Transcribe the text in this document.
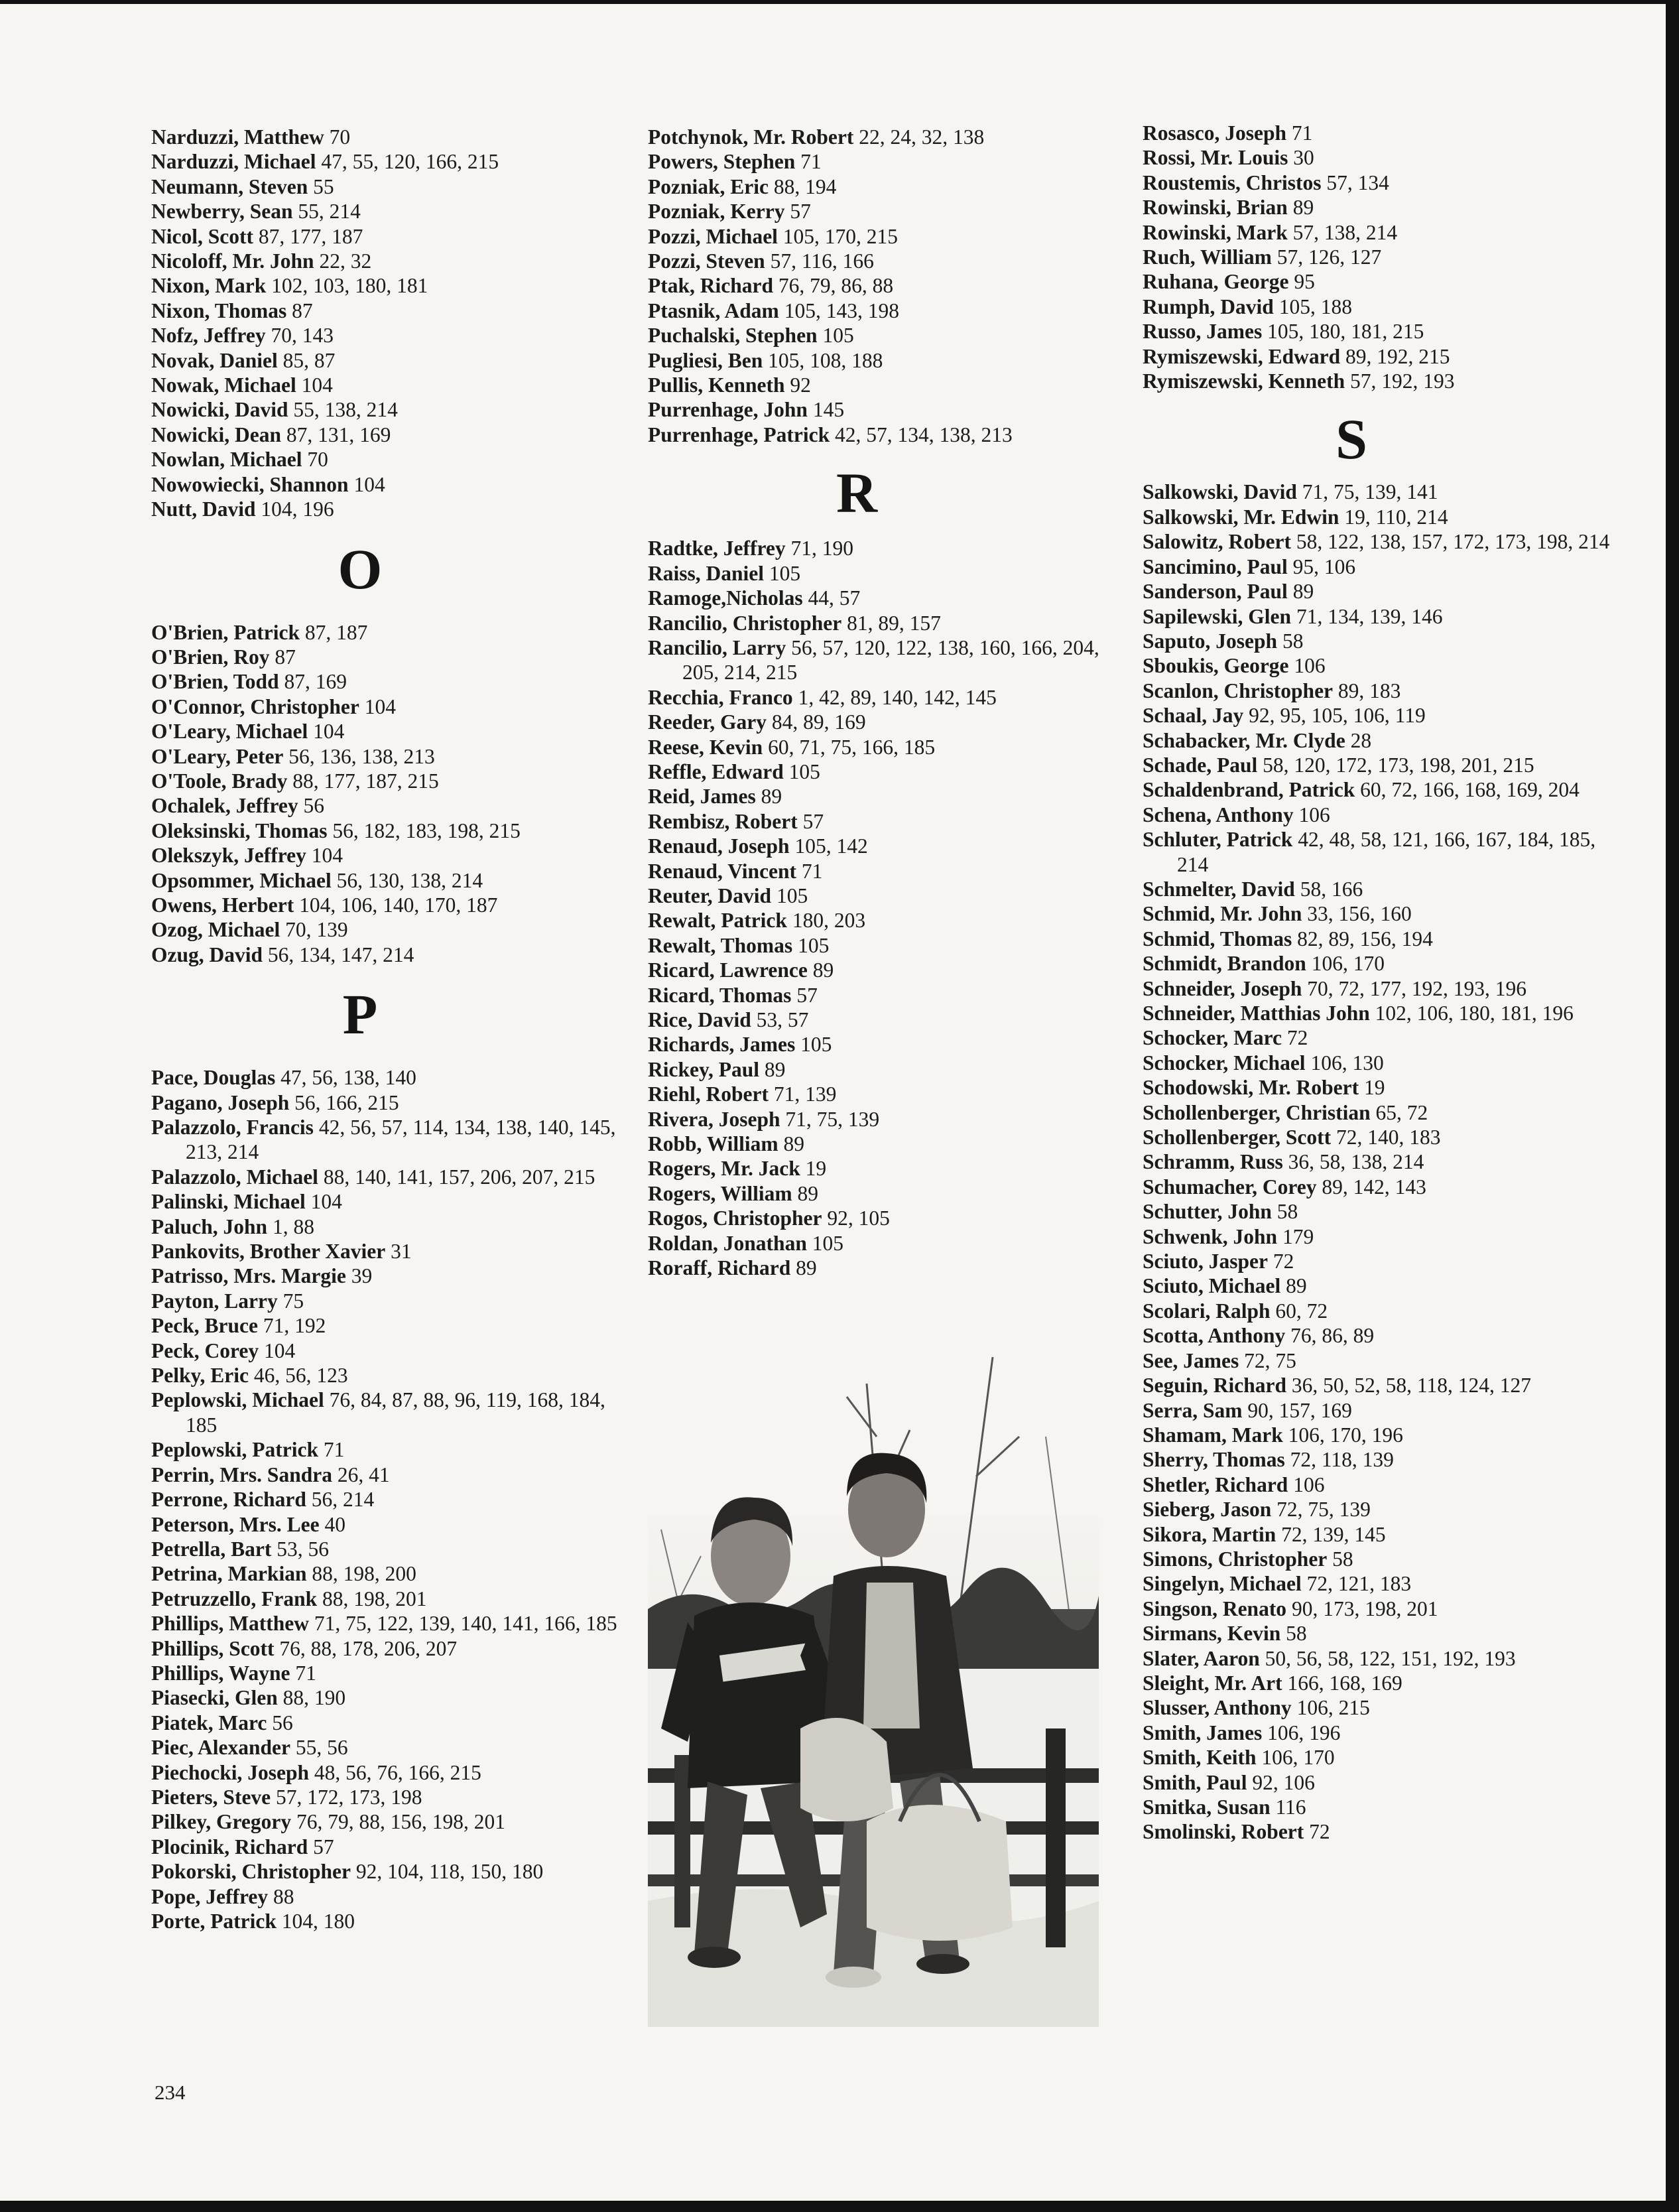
Narduzzi, Matthew 70
Narduzzi, Michael 47, 55, 120, 166, 215
Neumann, Steven 55
Newberry, Sean 55, 214
Nicol, Scott 87, 177, 187
Nicoloff, Mr. John 22, 32
Nixon, Mark 102, 103, 180, 181
Nixon, Thomas 87
Nofz, Jeffrey 70, 143
Novak, Daniel 85, 87
Nowak, Michael 104
Nowicki, David 55, 138, 214
Nowicki, Dean 87, 131, 169
Nowlan, Michael 70
Nowowiecki, Shannon 104
Nutt, David 104, 196
O
O'Brien, Patrick 87, 187
O'Brien, Roy 87
O'Brien, Todd 87, 169
O'Connor, Christopher 104
O'Leary, Michael 104
O'Leary, Peter 56, 136, 138, 213
O'Toole, Brady 88, 177, 187, 215
Ochalek, Jeffrey 56
Oleksinski, Thomas 56, 182, 183, 198, 215
Olekszyk, Jeffrey 104
Opsommer, Michael 56, 130, 138, 214
Owens, Herbert 104, 106, 140, 170, 187
Ozog, Michael 70, 139
Ozug, David 56, 134, 147, 214
P
Pace, Douglas 47, 56, 138, 140
Pagano, Joseph 56, 166, 215
Palazzolo, Francis 42, 56, 57, 114, 134, 138, 140, 145, 213, 214
Palazzolo, Michael 88, 140, 141, 157, 206, 207, 215
Palinski, Michael 104
Paluch, John 1, 88
Pankovits, Brother Xavier 31
Patrisso, Mrs. Margie 39
Payton, Larry 75
Peck, Bruce 71, 192
Peck, Corey 104
Pelky, Eric 46, 56, 123
Peplowski, Michael 76, 84, 87, 88, 96, 119, 168, 184, 185
Peplowski, Patrick 71
Perrin, Mrs. Sandra 26, 41
Perrone, Richard 56, 214
Peterson, Mrs. Lee 40
Petrella, Bart 53, 56
Petrina, Markian 88, 198, 200
Petruzzello, Frank 88, 198, 201
Phillips, Matthew 71, 75, 122, 139, 140, 141, 166, 185
Phillips, Scott 76, 88, 178, 206, 207
Phillips, Wayne 71
Piasecki, Glen 88, 190
Piatek, Marc 56
Piec, Alexander 55, 56
Piechocki, Joseph 48, 56, 76, 166, 215
Pieters, Steve 57, 172, 173, 198
Pilkey, Gregory 76, 79, 88, 156, 198, 201
Plocinik, Richard 57
Pokorski, Christopher 92, 104, 118, 150, 180
Pope, Jeffrey 88
Porte, Patrick 104, 180
Potchynok, Mr. Robert 22, 24, 32, 138
Powers, Stephen 71
Pozniak, Eric 88, 194
Pozniak, Kerry 57
Pozzi, Michael 105, 170, 215
Pozzi, Steven 57, 116, 166
Ptak, Richard 76, 79, 86, 88
Ptasnik, Adam 105, 143, 198
Puchalski, Stephen 105
Pugliesi, Ben 105, 108, 188
Pullis, Kenneth 92
Purrenhage, John 145
Purrenhage, Patrick 42, 57, 134, 138, 213
R
Radtke, Jeffrey 71, 190
Raiss, Daniel 105
Ramoge,Nicholas 44, 57
Rancilio, Christopher 81, 89, 157
Rancilio, Larry 56, 57, 120, 122, 138, 160, 166, 204, 205, 214, 215
Recchia, Franco 1, 42, 89, 140, 142, 145
Reeder, Gary 84, 89, 169
Reese, Kevin 60, 71, 75, 166, 185
Reffle, Edward 105
Reid, James 89
Rembisz, Robert 57
Renaud, Joseph 105, 142
Renaud, Vincent 71
Reuter, David 105
Rewalt, Patrick 180, 203
Rewalt, Thomas 105
Ricard, Lawrence 89
Ricard, Thomas 57
Rice, David 53, 57
Richards, James 105
Rickey, Paul 89
Riehl, Robert 71, 139
Rivera, Joseph 71, 75, 139
Robb, William 89
Rogers, Mr. Jack 19
Rogers, William 89
Rogos, Christopher 92, 105
Roldan, Jonathan 105
Roraff, Richard 89
Rosasco, Joseph 71
Rossi, Mr. Louis 30
Roustemis, Christos 57, 134
Rowinski, Brian 89
Rowinski, Mark 57, 138, 214
Ruch, William 57, 126, 127
Ruhana, George 95
Rumph, David 105, 188
Russo, James 105, 180, 181, 215
Rymiszewski, Edward 89, 192, 215
Rymiszewski, Kenneth 57, 192, 193
S
Salkowski, David 71, 75, 139, 141
Salkowski, Mr. Edwin 19, 110, 214
Salowitz, Robert 58, 122, 138, 157, 172, 173, 198, 214
Sancimino, Paul 95, 106
Sanderson, Paul 89
Sapilewski, Glen 71, 134, 139, 146
Saputo, Joseph 58
Sboukis, George 106
Scanlon, Christopher 89, 183
Schaal, Jay 92, 95, 105, 106, 119
Schabacker, Mr. Clyde 28
Schade, Paul 58, 120, 172, 173, 198, 201, 215
Schaldenbrand, Patrick 60, 72, 166, 168, 169, 204
Schena, Anthony 106
Schluter, Patrick 42, 48, 58, 121, 166, 167, 184, 185, 214
Schmelter, David 58, 166
Schmid, Mr. John 33, 156, 160
Schmid, Thomas 82, 89, 156, 194
Schmidt, Brandon 106, 170
Schneider, Joseph 70, 72, 177, 192, 193, 196
Schneider, Matthias John 102, 106, 180, 181, 196
Schocker, Marc 72
Schocker, Michael 106, 130
Schodowski, Mr. Robert 19
Schollenberger, Christian 65, 72
Schollenberger, Scott 72, 140, 183
Schramm, Russ 36, 58, 138, 214
Schumacher, Corey 89, 142, 143
Schutter, John 58
Schwenk, John 179
Sciuto, Jasper 72
Sciuto, Michael 89
Scolari, Ralph 60, 72
Scotta, Anthony 76, 86, 89
See, James 72, 75
Seguin, Richard 36, 50, 52, 58, 118, 124, 127
Serra, Sam 90, 157, 169
Shamam, Mark 106, 170, 196
Sherry, Thomas 72, 118, 139
Shetler, Richard 106
Sieberg, Jason 72, 75, 139
Sikora, Martin 72, 139, 145
Simons, Christopher 58
Singelyn, Michael 72, 121, 183
Singson, Renato 90, 173, 198, 201
Sirmans, Kevin 58
Slater, Aaron 50, 56, 58, 122, 151, 192, 193
Sleight, Mr. Art 166, 168, 169
Slusser, Anthony 106, 215
Smith, James 106, 196
Smith, Keith 106, 170
Smith, Paul 92, 106
Smitka, Susan 116
Smolinski, Robert 72
234
